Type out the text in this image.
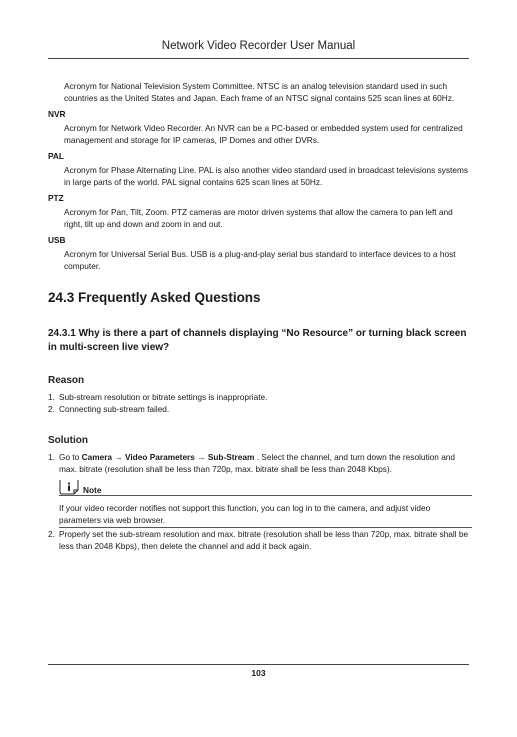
Network Video Recorder User Manual

Acronym for National Television System Committee. NTSC is an analog television standard used in such countries as the United States and Japan. Each frame of an NTSC signal contains 525 scan lines at 60Hz.

NVR

Acronym for Network Video Recorder. An NVR can be a PC-based or embedded system used for centralized management and storage for IP cameras, IP Domes and other DVRs.

PAL

Acronym for Phase Alternating Line. PAL is also another video standard used in broadcast televisions systems in large parts of the world. PAL signal contains 625 scan lines at 50Hz.

PTZ

Acronym for Pan, Tilt, Zoom. PTZ cameras are motor driven systems that allow the camera to pan left and right, tilt up and down and zoom in and out.

USB

Acronym for Universal Serial Bus. USB is a plug-and-play serial bus standard to interface devices to a host computer.

24.3 Frequently Asked Questions
24.3.1 Why is there a part of channels displaying “No Resource” or turning black screen in multi-screen live view?
Reason
1. Sub-stream resolution or bitrate settings is inappropriate.
2. Connecting sub-stream failed.
Solution
1. Go to Camera → Video Parameters → Sub-Stream . Select the channel, and turn down the resolution and max. bitrate (resolution shall be less than 720p, max. bitrate shall be less than 2048 Kbps).
Note

If your video recorder notifies not support this function, you can log in to the camera, and adjust video parameters via web browser.

2. Properly set the sub-stream resolution and max. bitrate (resolution shall be less than 720p, max. bitrate shall be less than 2048 Kbps), then delete the channel and add it back again.
103
